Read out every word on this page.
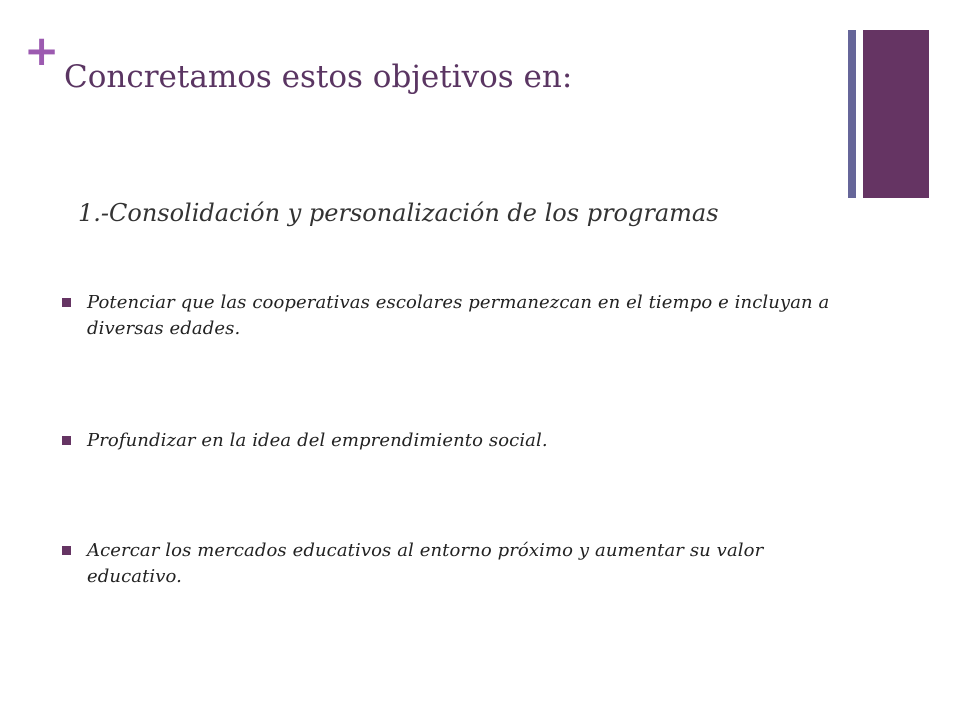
+
Concretamos estos objetivos en:
1.-Consolidación y personalización de los programas
Potenciar que las cooperativas escolares permanezcan en el tiempo e incluyan a diversas edades.
Profundizar en la idea del emprendimiento social.
Acercar los mercados educativos al entorno próximo y aumentar su valor educativo.
